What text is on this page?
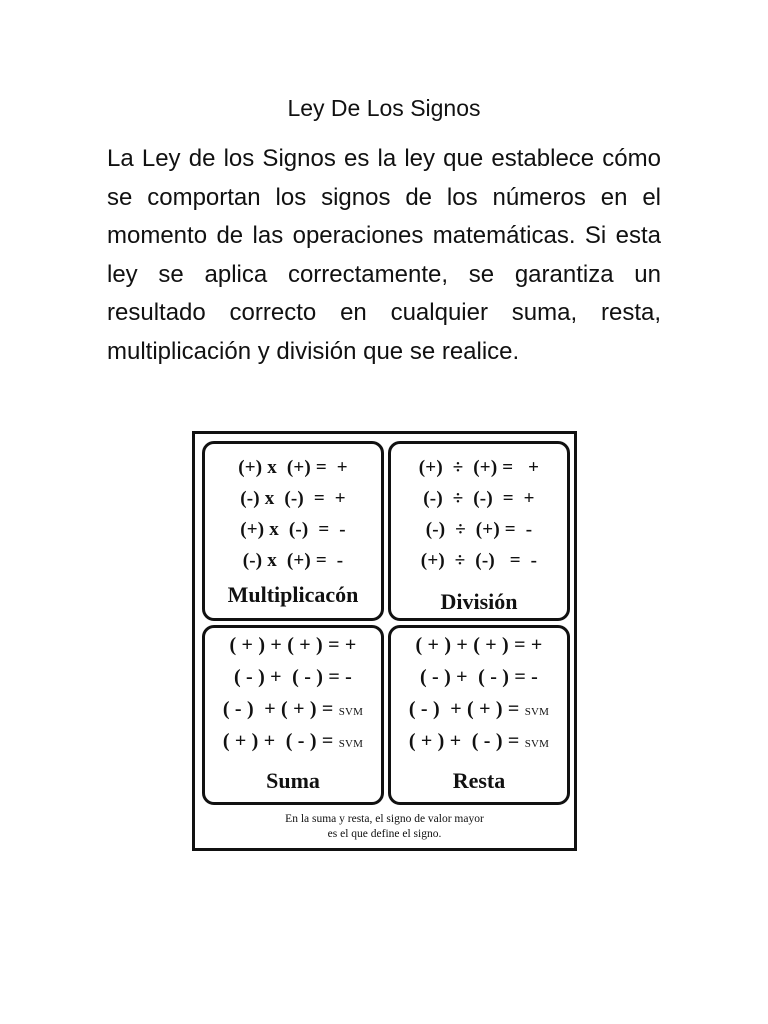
Ley De Los Signos

La Ley de los Signos es la ley que establece cómo se comportan los signos de los números en el momento de las operaciones matemáticas. Si esta ley se aplica correctamente, se garantiza un resultado correcto en cualquier suma, resta, multiplicación y división que se realice.

(+) x  (+) =  +
(-) x  (-)  =  +
(+) x  (-)  =  -
(-) x  (+) =  -
Multiplicacón
(+)  ÷  (+) =   +
(-)  ÷  (-)  =  +
(-)  ÷  (+) =  -
(+)  ÷  (-)   =  -
División
( + ) + ( + ) = +
( - ) +  ( - ) = -
( - )  + ( + ) = SVM
( + ) +  ( - ) = SVM
Suma
( + ) + ( + ) = +
( - ) +  ( - ) = -
( - )  + ( + ) = SVM
( + ) +  ( - ) = SVM
Resta
En la suma y resta, el signo de valor mayor
es el que define el signo.
